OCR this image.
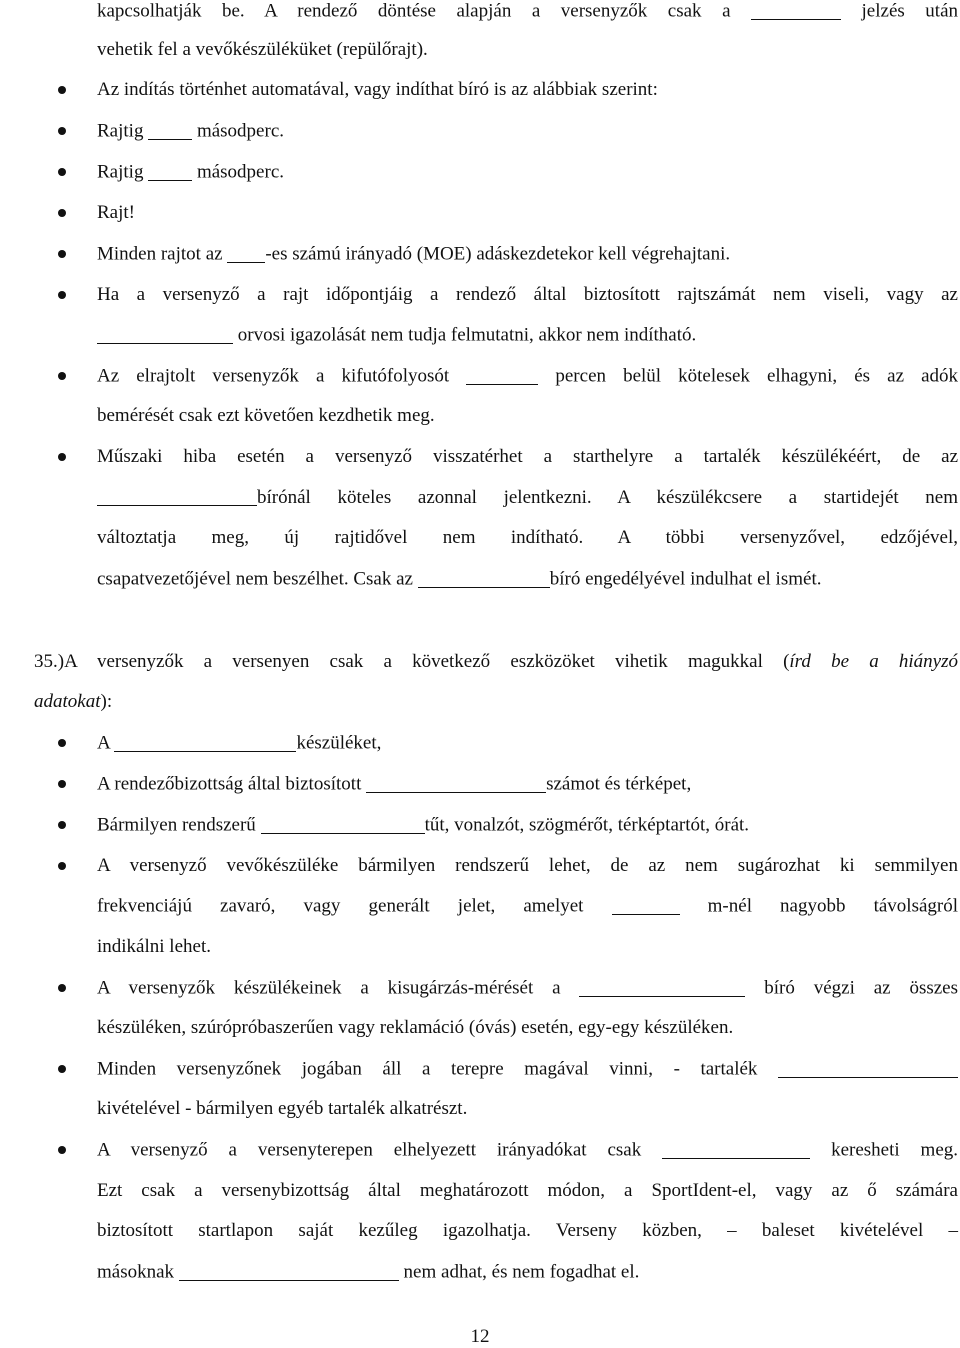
kapcsolhatják be. A rendező döntése alapján a versenyzők csak a	jelzés után
vehetik fel a vevőkészüléküket (repülőrajt).
Az indítás történhet automatával, vagy indíthat bíró is az alábbiak szerint:
Rajtig	másodperc.
Rajtig	másodperc.
Rajt!
Minden rajtot az -es számú irányadó (MOE) adáskezdetekor kell végrehajtani.
Ha a versenyző a rajt időpontjáig a rendező által biztosított rajtszámát nem viseli, vagy az
orvosi igazolását nem tudja felmutatni, akkor nem indítható.
Az elrajtolt versenyzők a kifutófolyosót	percen belül kötelesek elhagyni, és az adók
bemérését csak ezt követően kezdhetik meg.
Műszaki hiba esetén a versenyző visszatérhet a starthelyre a tartalék készülékéért, de az
bírónál köteles azonnal jelentkezni. A készülékcsere a startidejét nem
változtatja meg, új rajtidővel nem indítható. A többi versenyzővel, edzőjével,
csapatvezetőjével nem beszélhet. Csak az	bíró engedélyével indulhat el ismét.
35.)A versenyzők a versenyen csak a következő eszközöket vihetik magukkal (írd be a hiányzó
adatokat):
A	készüléket,
A rendezőbizottság által biztosított	számot és térképet,
Bármilyen rendszerű	tűt, vonalzót, szögmérőt, térképtartót, órát.
A versenyző vevőkészüléke bármilyen rendszerű lehet, de az nem sugározhat ki semmilyen
frekvenciájú zavaró, vagy generált jelet, amelyet	m-nél nagyobb távolságról
indikálni lehet.
A versenyzők készülékeinek a kisugárzás-mérését a	bíró végzi az összes
készüléken, szúrópróbaszerűen vagy reklamáció (óvás) esetén, egy-egy készüléken.
Minden versenyzőnek jogában áll a terepre magával vinni, - tartalék
kivételével - bármilyen egyéb tartalék alkatrészt.
A versenyző a versenyterepen elhelyezett irányadókat csak	keresheti meg.
Ezt csak a versenybizottság által meghatározott módon, a SportIdent-el, vagy az ő számára
biztosított startlapon saját kezűleg igazolhatja. Verseny közben, – baleset kivételével –
másoknak	nem adhat, és nem fogadhat el.
12
